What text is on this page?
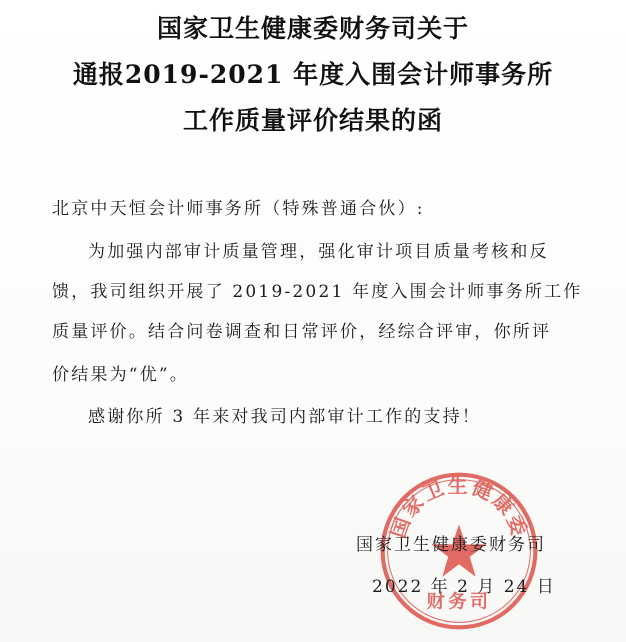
国家卫生健康委财务司关于
通报2019-2021 年度入围会计师事务所
工作质量评价结果的函
北京中天恒会计师事务所（特殊普通合伙）:
为加强内部审计质量管理，强化审计项目质量考核和反
馈，我司组织开展了 2019-2021 年度入围会计师事务所工作
质量评价。结合问卷调查和日常评价，经综合评审，你所评
价结果为“优”。
感谢你所 3 年来对我司内部审计工作的支持！
国家卫生健康委
财务司
国家卫生健康委财务司
2022 年 2 月 24 日
